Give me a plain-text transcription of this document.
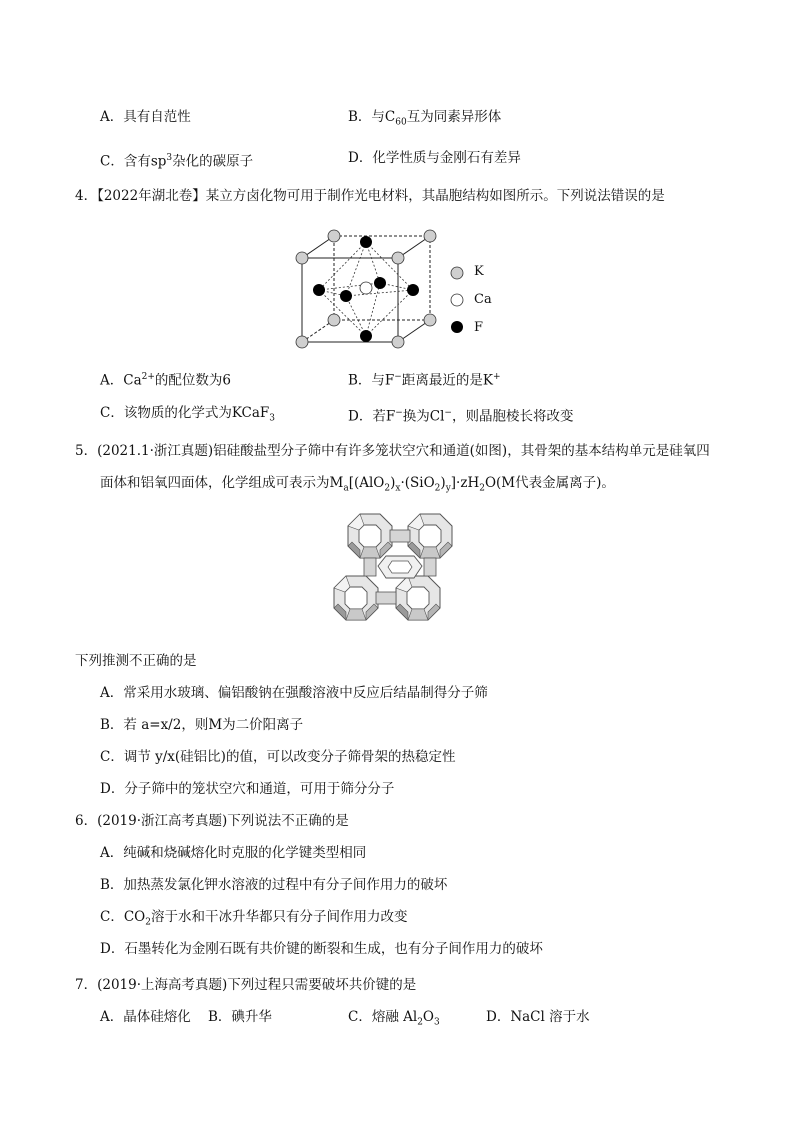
A．具有自范性	B．与$C_{60}$互为同素异形体
C．含有$sp^3$杂化的碳原子	D．化学性质与金刚石有差异
4．【2022年湖北卷】某立方卤化物可用于制作光电材料，其晶胞结构如图所示。下列说法错误的是
K
Ca
F
A．$Ca^{2+}$的配位数为6	B．与F−距离最近的是K+
C．该物质的化学式为KCaF$_3$	D．若F−换为Cl−，则晶胞棱长将改变
5．(2021.1·浙江真题)铝硅酸盐型分子筛中有许多笼状空穴和通道(如图)，其骨架的基本结构单元是硅氧四
面体和铝氧四面体，化学组成可表示为$M_a[(AlO_2)_x\cdot(SiO_2)_y]\cdot zH_2O(M$代表金属离子)。
下列推测不正确的是
A．常采用水玻璃、偏铝酸钠在强酸溶液中反应后结晶制得分子筛
B．若 a=x/2，则M为二价阳离子
C．调节 y/x(硅铝比)的值，可以改变分子筛骨架的热稳定性
D．分子筛中的笼状空穴和通道，可用于筛分分子
6．(2019·浙江高考真题)下列说法不正确的是
A．纯碱和烧碱熔化时克服的化学键类型相同
B．加热蒸发氯化钾水溶液的过程中有分子间作用力的破坏
C．$CO_2$溶于水和干冰升华都只有分子间作用力改变
D．石墨转化为金刚石既有共价键的断裂和生成，也有分子间作用力的破坏
7．(2019·上海高考真题)下列过程只需要破坏共价键的是
A．晶体硅熔化 B．碘升华	C．熔融 $Al_2O_3$	D．NaCl 溶于水
